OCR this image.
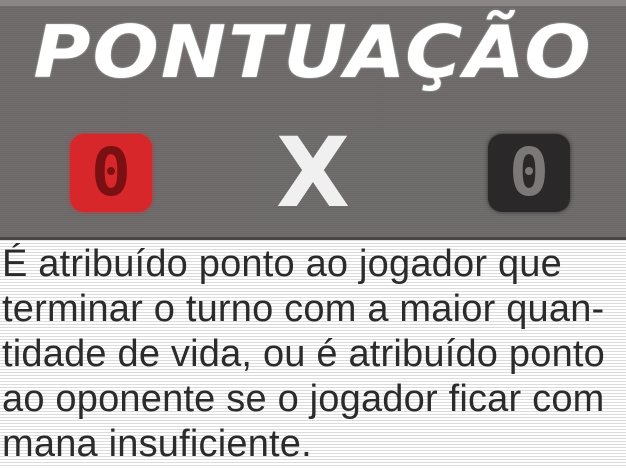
PONTUAÇÃO
0 X 0

É atribuído ponto ao jogador que
terminar o turno com a maior quan-
tidade de vida, ou é atribuído ponto
ao oponente se o jogador ficar com
mana insuficiente.
